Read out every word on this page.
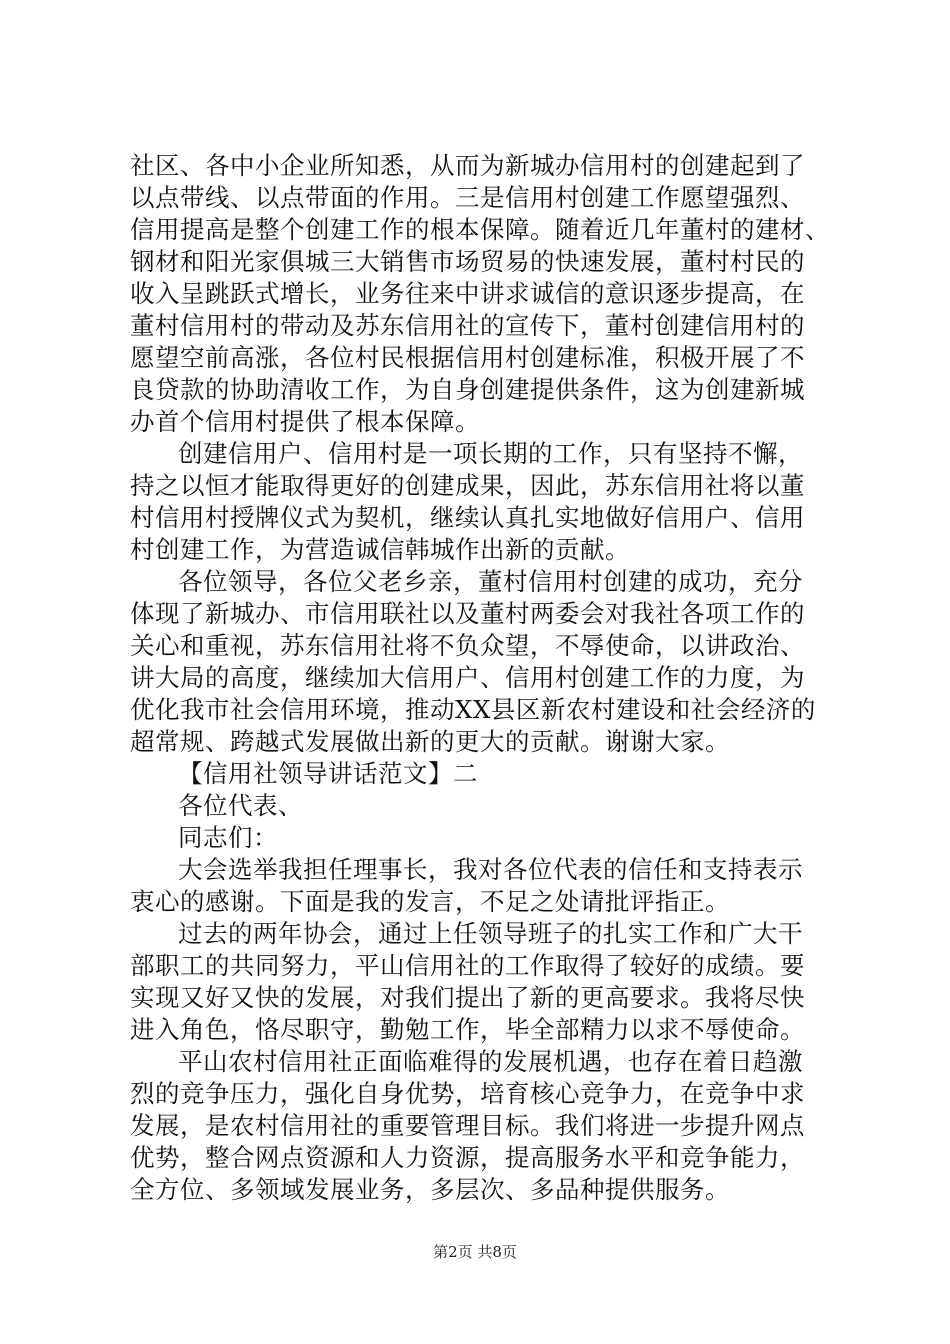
社区、各中小企业所知悉，从而为新城办信用村的创建起到了
以点带线、以点带面的作用。三是信用村创建工作愿望强烈、
信用提高是整个创建工作的根本保障。随着近几年董村的建材、
钢材和阳光家俱城三大销售市场贸易的快速发展，董村村民的
收入呈跳跃式增长，业务往来中讲求诚信的意识逐步提高，在
董村信用村的带动及苏东信用社的宣传下，董村创建信用村的
愿望空前高涨，各位村民根据信用村创建标准，积极开展了不
良贷款的协助清收工作，为自身创建提供条件，这为创建新城
办首个信用村提供了根本保障。
创建信用户、信用村是一项长期的工作，只有坚持不懈，
持之以恒才能取得更好的创建成果，因此，苏东信用社将以董
村信用村授牌仪式为契机，继续认真扎实地做好信用户、信用
村创建工作，为营造诚信韩城作出新的贡献。
各位领导，各位父老乡亲，董村信用村创建的成功，充分
体现了新城办、市信用联社以及董村两委会对我社各项工作的
关心和重视，苏东信用社将不负众望，不辱使命，以讲政治、
讲大局的高度，继续加大信用户、信用村创建工作的力度，为
优化我市社会信用环境，推动XX县区新农村建设和社会经济的
超常规、跨越式发展做出新的更大的贡献。谢谢大家。
【信用社领导讲话范文】二
各位代表、
同志们：
大会选举我担任理事长，我对各位代表的信任和支持表示
衷心的感谢。下面是我的发言，不足之处请批评指正。
过去的两年协会，通过上任领导班子的扎实工作和广大干
部职工的共同努力，平山信用社的工作取得了较好的成绩。要
实现又好又快的发展，对我们提出了新的更高要求。我将尽快
进入角色，恪尽职守，勤勉工作，毕全部精力以求不辱使命。
平山农村信用社正面临难得的发展机遇，也存在着日趋激
烈的竞争压力，强化自身优势，培育核心竞争力，在竞争中求
发展，是农村信用社的重要管理目标。我们将进一步提升网点
优势，整合网点资源和人力资源，提高服务水平和竞争能力，
全方位、多领域发展业务，多层次、多品种提供服务。
第2页 共8页
